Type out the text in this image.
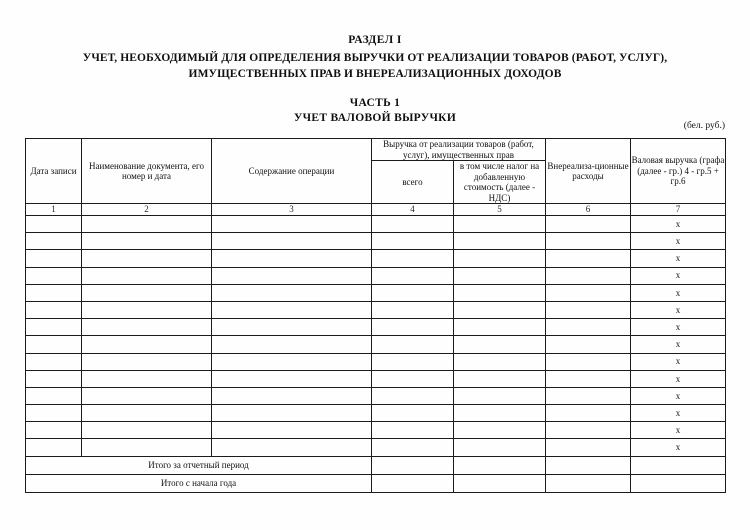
РАЗДЕЛ I
УЧЕТ, НЕОБХОДИМЫЙ ДЛЯ ОПРЕДЕЛЕНИЯ ВЫРУЧКИ ОТ РЕАЛИЗАЦИИ ТОВАРОВ (РАБОТ, УСЛУГ), ИМУЩЕСТВЕННЫХ ПРАВ И ВНЕРЕАЛИЗАЦИОННЫХ ДОХОДОВ
ЧАСТЬ 1
УЧЕТ ВАЛОВОЙ ВЫРУЧКИ
(бел. руб.)
Дата записи	Наименование документа, его номер и дата	Содержание операции	Выручка от реализации товаров (работ, услуг), имущественных прав		Внереализа-ционные расходы	Валовая выручка (графа (далее - гр.) 4 - гр.5 + гр.6
			всего	в том числе налог на добавленную стоимость (далее - НДС)		
1	2	3	4	5	6	7
						х
						х
						х
						х
						х
						х
						х
						х
						х
						х
						х
						х
						х
						х
Итого за отчетный период						
Итого с начала года						
